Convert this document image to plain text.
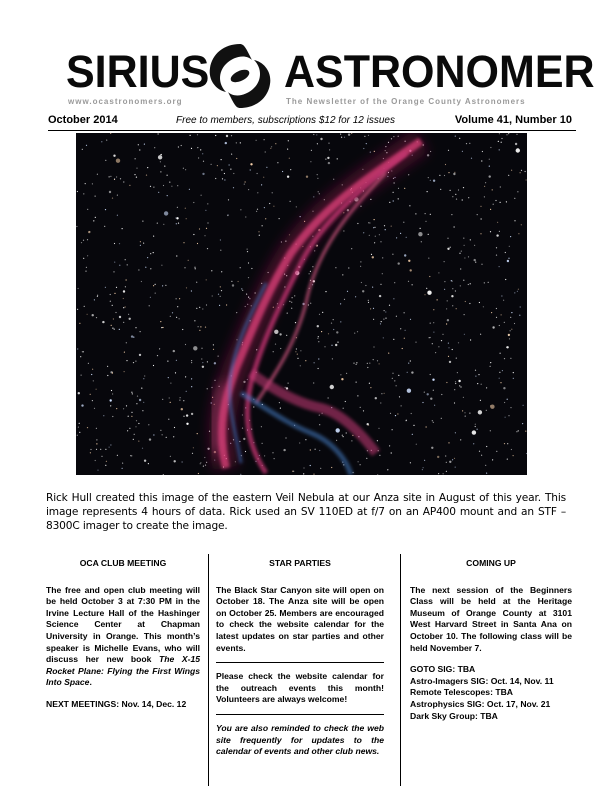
SIRIUS ASTRONOMER
www.ocastronomers.org	The Newsletter of the Orange County Astronomers
October 2014	Free to members, subscriptions $12 for 12 issues	Volume 41, Number 10
Rick Hull created this image of the eastern Veil Nebula at our Anza site in August of this year. This image represents 4 hours of data. Rick used an SV 110ED at f/7 on an AP400 mount and an STF – 8300C imager to create the image.
OCA CLUB MEETING

The free and open club meeting will be held October 3 at 7:30 PM in the Irvine Lecture Hall of the Hashinger Science Center at Chapman University in Orange. This month’s speaker is Michelle Evans, who will discuss her new book The X-15 Rocket Plane: Flying the First Wings Into Space.

NEXT MEETINGS: Nov. 14, Dec. 12

STAR PARTIES

The Black Star Canyon site will open on October 18. The Anza site will be open on October 25. Members are encouraged to check the website calendar for the latest updates on star parties and other events.

Please check the website calendar for the outreach events this month! Volunteers are always welcome!

You are also reminded to check the web site frequently for updates to the calendar of events and other club news.

COMING UP

The next session of the Beginners Class will be held at the Heritage Museum of Orange County at 3101 West Harvard Street in Santa Ana on October 10. The following class will be held November 7.

GOTO SIG: TBA
Astro-Imagers SIG: Oct. 14, Nov. 11
Remote Telescopes: TBA
Astrophysics SIG: Oct. 17, Nov. 21
Dark Sky Group: TBA
